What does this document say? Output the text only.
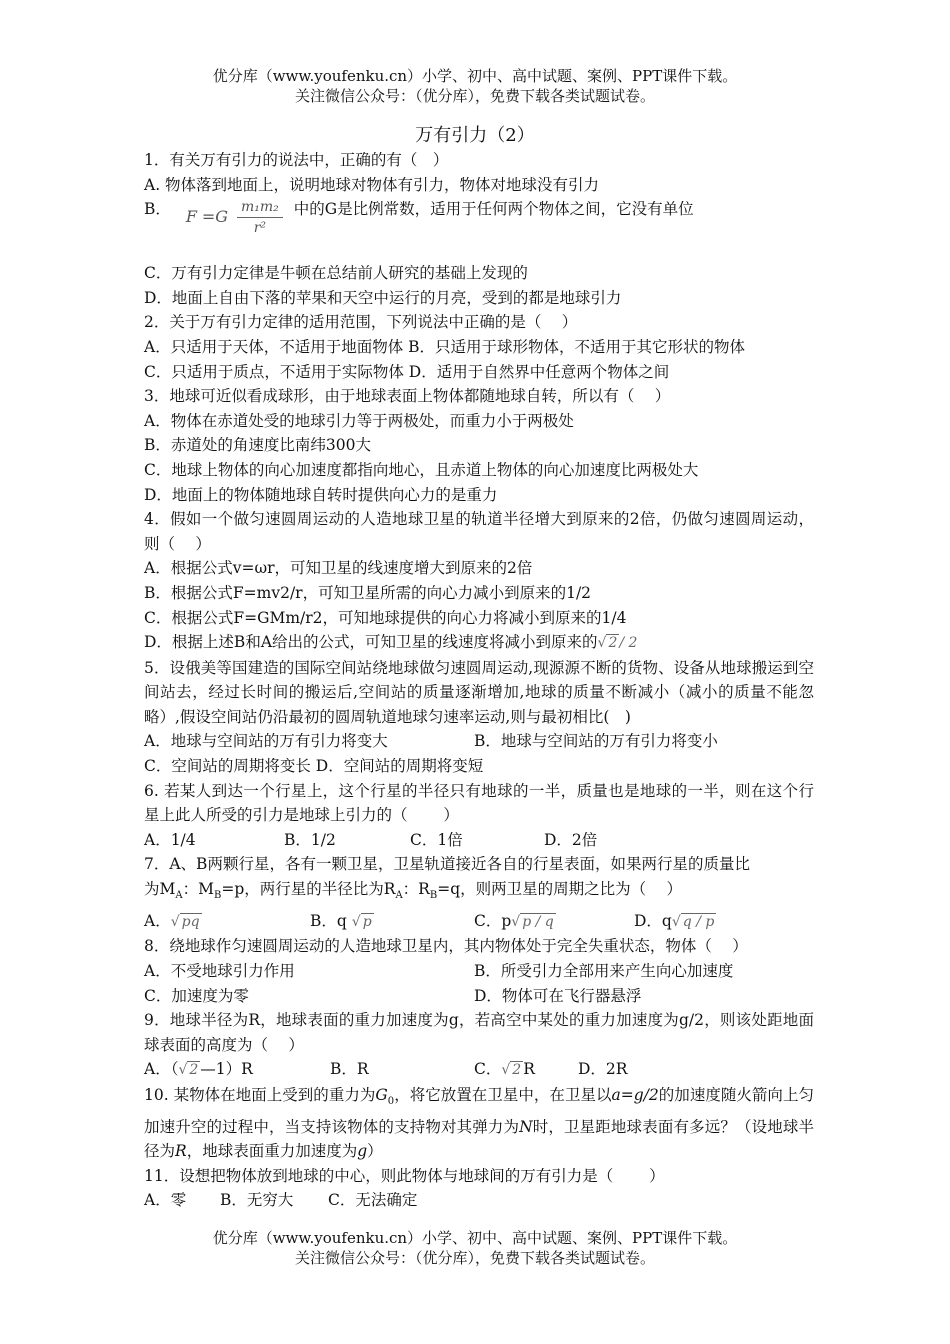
优分库（www.youfenku.cn）小学、初中、高中试题、案例、PPT课件下载。
关注微信公众号：（优分库），免费下载各类试题试卷。
万有引力（2）

1．有关万有引力的说法中，正确的有（　）

A. 物体落到地面上，说明地球对物体有引力，物体对地球没有引力

B． $F =G \frac{\text{m₁m₂}}{\text{r²}}$ 中的G是比例常数，适用于任何两个物体之间，它没有单位

C．万有引力定律是牛顿在总结前人研究的基础上发现的

D．地面上自由下落的苹果和天空中运行的月亮，受到的都是地球引力

2．关于万有引力定律的适用范围，下列说法中正确的是（　 ）

A．只适用于天体，不适用于地面物体 B．只适用于球形物体，不适用于其它形状的物体

C．只适用于质点，不适用于实际物体 D．适用于自然界中任意两个物体之间

3．地球可近似看成球形，由于地球表面上物体都随地球自转，所以有（　 ）

A．物体在赤道处受的地球引力等于两极处，而重力小于两极处

B．赤道处的角速度比南纬300大

C．地球上物体的向心加速度都指向地心，且赤道上物体的向心加速度比两极处大

D．地面上的物体随地球自转时提供向心力的是重力

4．假如一个做匀速圆周运动的人造地球卫星的轨道半径增大到原来的2倍，仍做匀速圆周运动，则（　 ）

A．根据公式v=ωr，可知卫星的线速度增大到原来的2倍

B．根据公式F=mv2/r，可知卫星所需的向心力减小到原来的1/2

C．根据公式F=GMm/r2，可知地球提供的向心力将减小到原来的1/4

D．根据上述B和A给出的公式，可知卫星的线速度将减小到原来的√ 2 / 2

5．设俄美等国建造的国际空间站绕地球做匀速圆周运动,现源源不断的货物、设备从地球搬运到空间站去，经过长时间的搬运后,空间站的质量逐渐增加,地球的质量不断减小（减小的质量不能忽略）,假设空间站仍沿最初的圆周轨道地球匀速率运动,则与最初相比(　)

A．地球与空间站的万有引力将变大	B．地球与空间站的万有引力将变小

C．空间站的周期将变长 D．空间站的周期将变短

6. 若某人到达一个行星上，这个行星的半径只有地球的一半，质量也是地球的一半，则在这个行星上此人所受的引力是地球上引力的（　　 ）

A．1/4	B．1/2	C．1倍	D．2倍

7．A、B两颗行星，各有一颗卫星，卫星轨道接近各自的行星表面，如果两行星的质量比

为$M_A$：$M_B=p$，两行星的半径比为$R_A$：$R_B=q$，则两卫星的周期之比为（　 ）

A．√ pq	B．q √ p	C．p√ p / q	D．q√ q / p

8．绕地球作匀速圆周运动的人造地球卫星内，其内物体处于完全失重状态，物体（　 ）

A．不受地球引力作用	B．所受引力全部用来产生向心加速度

C．加速度为零	D．物体可在飞行器悬浮

9．地球半径为R，地球表面的重力加速度为g，若高空中某处的重力加速度为g/2，则该处距地面球表面的高度为（　 ）

A．（√ 2 —1）R	B．R	C．√ 2 R	D．2R

10. 某物体在地面上受到的重力为$G_0$，将它放置在卫星中，在卫星以a=g/2的加速度随火箭向上匀加速升空的过程中，当支持该物体的支持物对其弹力为N时，卫星距地球表面有多远？（设地球半径为R，地球表面重力加速度为g）

11．设想把物体放到地球的中心，则此物体与地球间的万有引力是（　 　）

A．零	B．无穷大	C．无法确定

优分库（www.youfenku.cn）小学、初中、高中试题、案例、PPT课件下载。
关注微信公众号：（优分库），免费下载各类试题试卷。
